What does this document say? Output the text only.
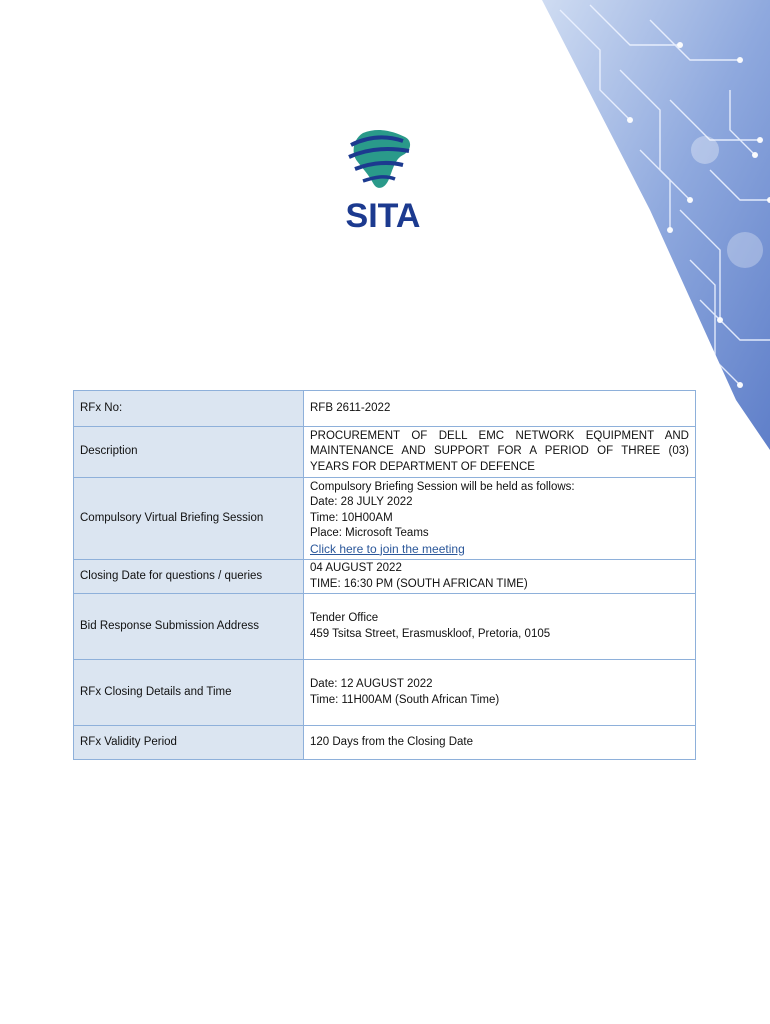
SITA
RFx No:	RFB 2611-2022

Description	PROCUREMENT OF DELL EMC NETWORK EQUIPMENT AND MAINTENANCE AND SUPPORT FOR A PERIOD OF THREE (03) YEARS FOR DEPARTMENT OF DEFENCE
Compulsory Virtual Briefing Session	Compulsory Briefing Session will be held as follows:
Date: 28 JULY 2022
Time: 10H00AM
Place: Microsoft Teams
Click here to join the meeting

Closing Date for questions / queries	04 AUGUST 2022
TIME: 16:30 PM (SOUTH AFRICAN TIME)

Bid Response Submission Address	Tender Office
459 Tsitsa Street, Erasmuskloof, Pretoria, 0105

RFx Closing Details and Time	Date: 12 AUGUST 2022
Time: 11H00AM (South African Time)

RFx Validity Period	120 Days from the Closing Date
